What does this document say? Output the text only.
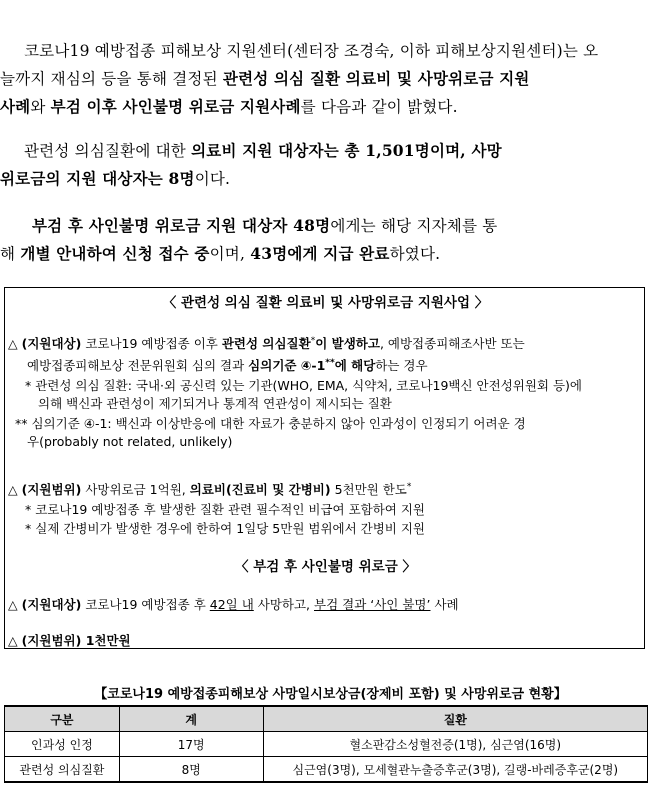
코로나19 예방접종 피해보상 지원센터(센터장 조경숙, 이하 피해보상지원센터)는 오
늘까지 재심의 등을 통해 결정된 관련성 의심 질환 의료비 및 사망위로금 지원
사례와 부검 이후 사인불명 위로금 지원사례를 다음과 같이 밝혔다.
관련성 의심질환에 대한 의료비 지원 대상자는 총 1,501명이며, 사망
위로금의 지원 대상자는 8명이다.
부검 후 사인불명 위로금 지원 대상자 48명에게는 해당 지자체를 통
해 개별 안내하여 신청 접수 중이며, 43명에게 지급 완료하였다.
〈 관련성 의심 질환 의료비 및 사망위로금 지원사업 〉
△ (지원대상) 코로나19 예방접종 이후 관련성 의심질환*이 발생하고, 예방접종피해조사반 또는
예방접종피해보상 전문위원회 심의 결과 심의기준 ④-1**에 해당하는 경우
* 관련성 의심 질환: 국내·외 공신력 있는 기관(WHO, EMA, 식약처, 코로나19백신 안전성위원회 등)에
의해 백신과 관련성이 제기되거나 통계적 연관성이 제시되는 질환
** 심의기준 ④-1: 백신과 이상반응에 대한 자료가 충분하지 않아 인과성이 인정되기 어려운 경
우(probably not related, unlikely)
△ (지원범위) 사망위로금 1억원, 의료비(진료비 및 간병비) 5천만원 한도*
* 코로나19 예방접종 후 발생한 질환 관련 필수적인 비급여 포함하여 지원
* 실제 간병비가 발생한 경우에 한하여 1일당 5만원 범위에서 간병비 지원
〈 부검 후 사인불명 위로금 〉
△ (지원대상) 코로나19 예방접종 후 42일 내 사망하고, 부검 결과 ‘사인 불명’ 사례
△ (지원범위) 1천만원
【코로나19 예방접종피해보상 사망일시보상금(장제비 포함) 및 사망위로금 현황】
구분	계	질환
인과성 인정	17명	혈소판감소성혈전증(1명), 심근염(16명)
관련성 의심질환	8명	심근염(3명), 모세혈관누출증후군(3명), 길랭-바레증후군(2명)
